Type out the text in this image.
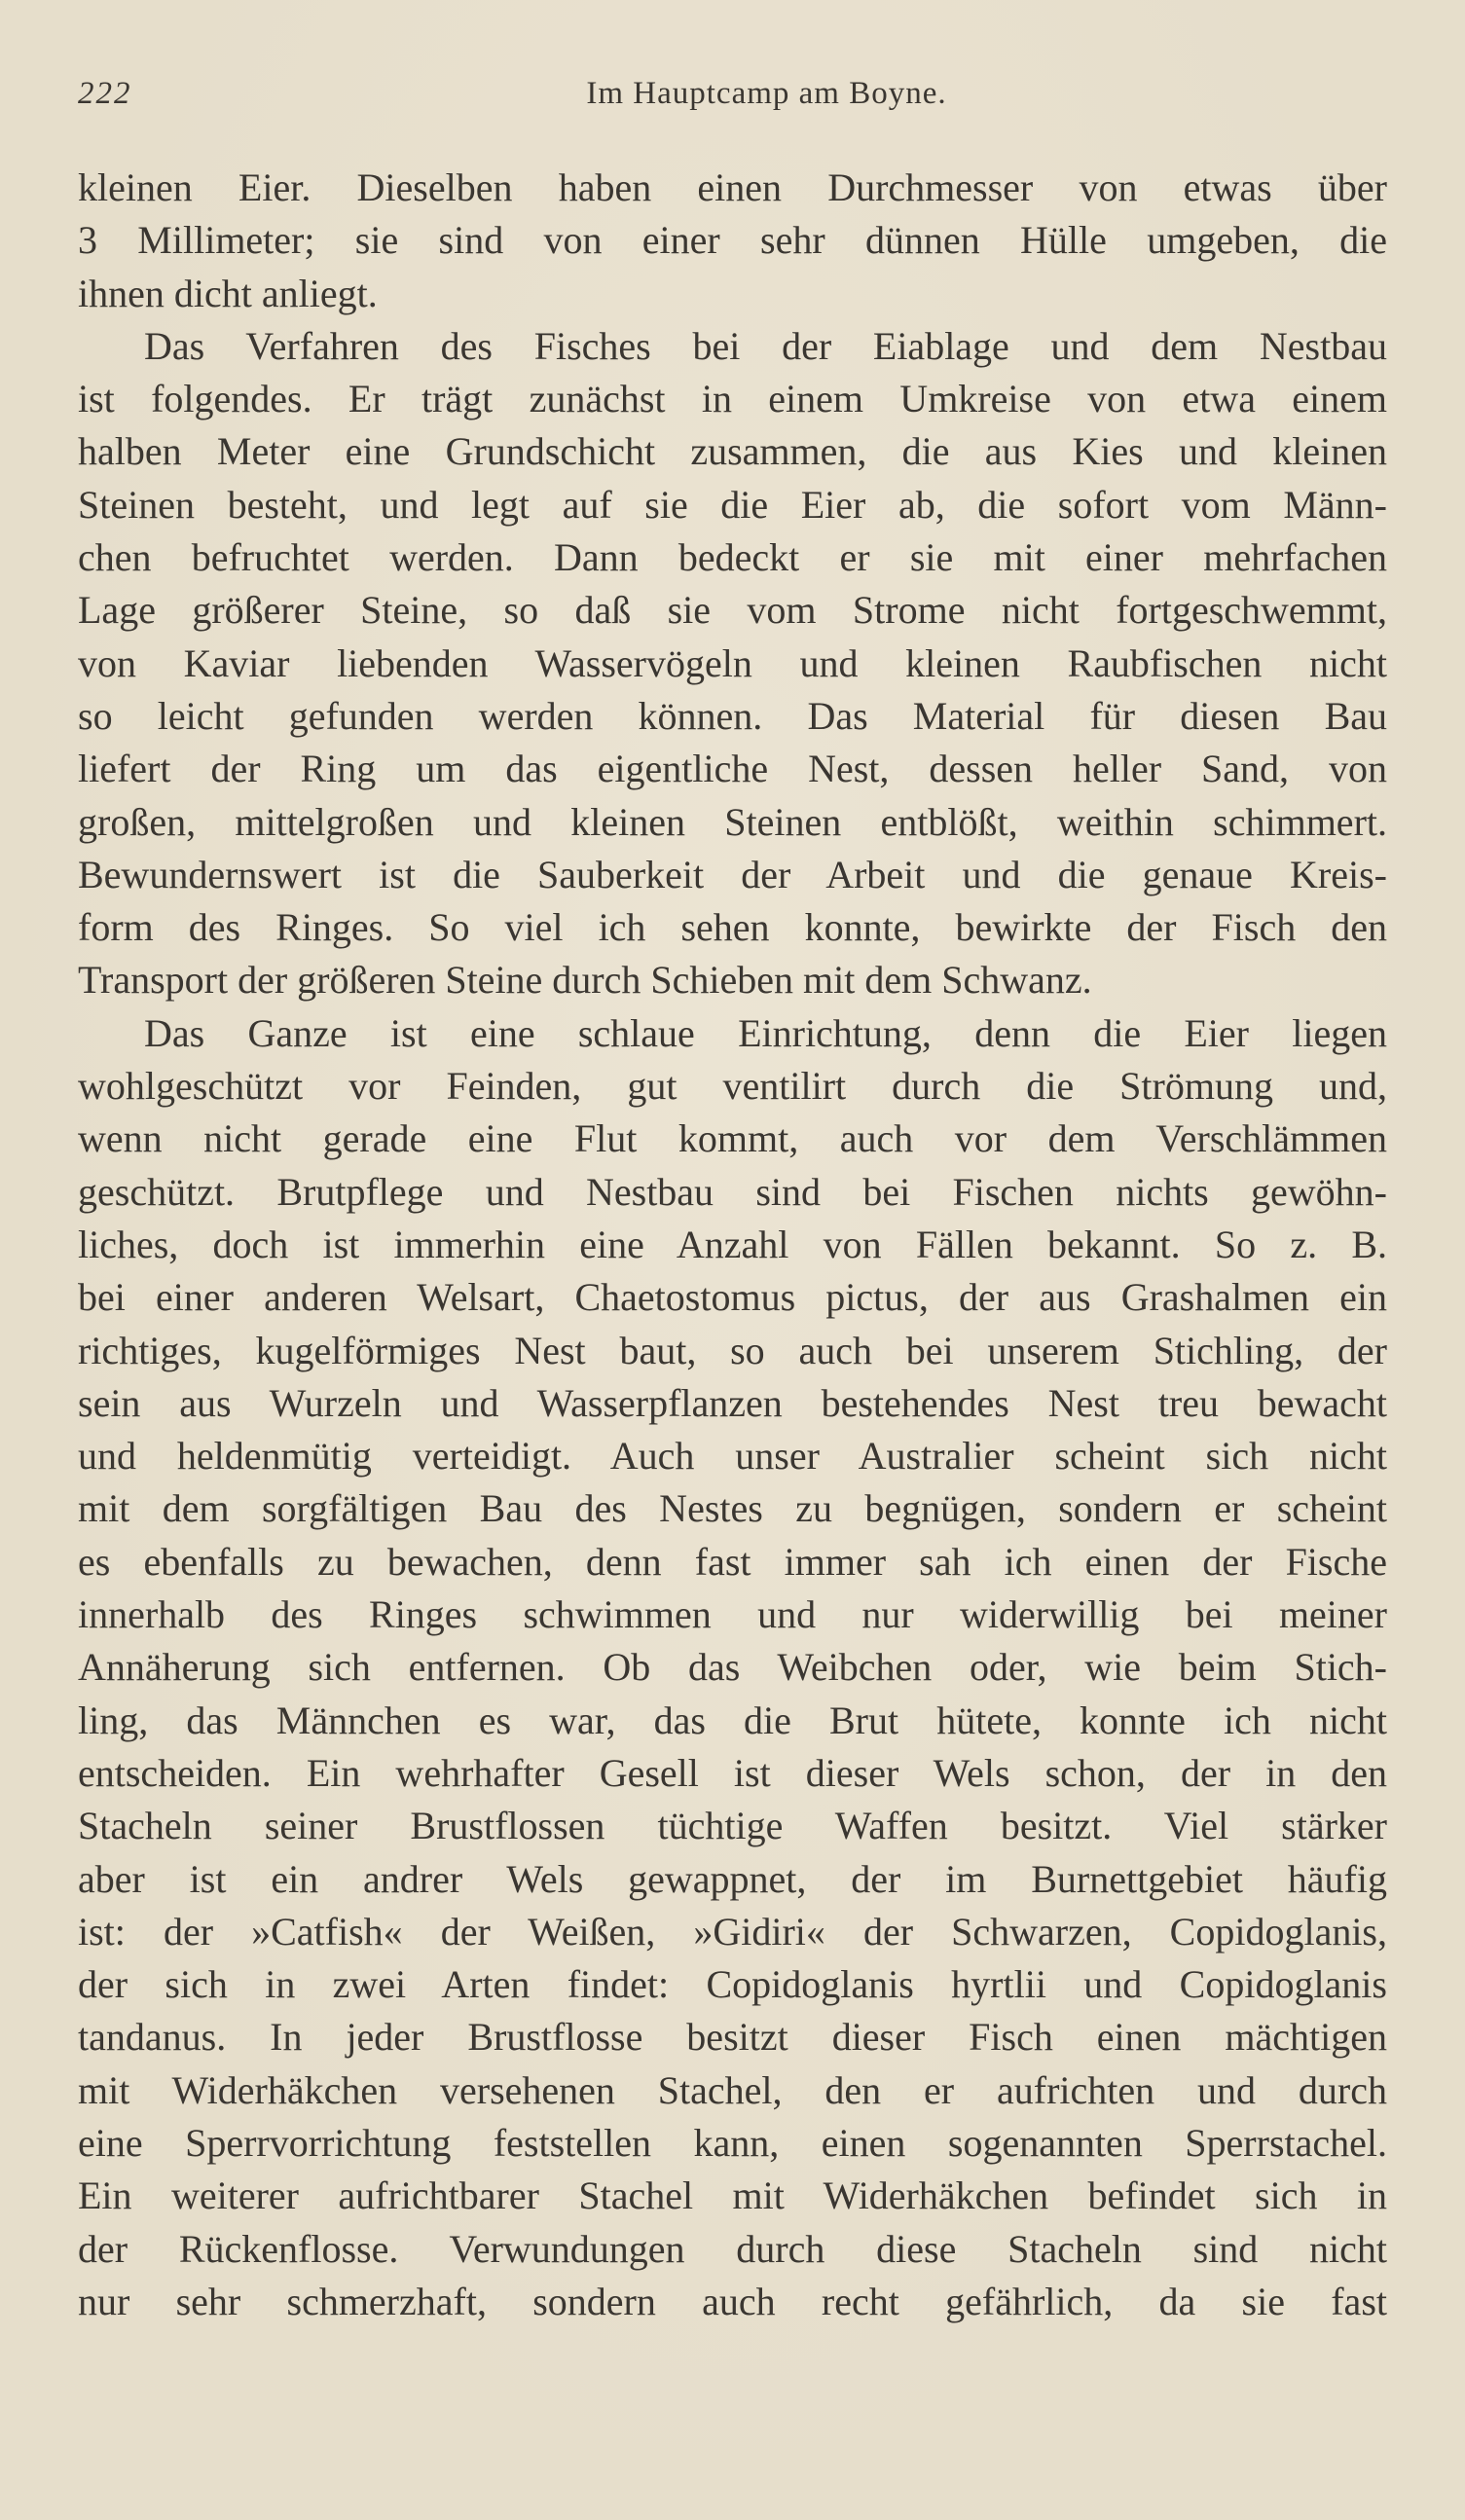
222	Im Hauptcamp am Boyne.
kleinen Eier. Dieselben haben einen Durchmesser von etwas über
3 Millimeter; sie sind von einer sehr dünnen Hülle umgeben, die
ihnen dicht anliegt.
Das Verfahren des Fisches bei der Eiablage und dem Nestbau
ist folgendes. Er trägt zunächst in einem Umkreise von etwa einem
halben Meter eine Grundschicht zusammen, die aus Kies und kleinen
Steinen besteht, und legt auf sie die Eier ab, die sofort vom Männ-
chen befruchtet werden. Dann bedeckt er sie mit einer mehrfachen
Lage größerer Steine, so daß sie vom Strome nicht fortgeschwemmt,
von Kaviar liebenden Wasservögeln und kleinen Raubfischen nicht
so leicht gefunden werden können. Das Material für diesen Bau
liefert der Ring um das eigentliche Nest, dessen heller Sand, von
großen, mittelgroßen und kleinen Steinen entblößt, weithin schimmert.
Bewundernswert ist die Sauberkeit der Arbeit und die genaue Kreis-
form des Ringes. So viel ich sehen konnte, bewirkte der Fisch den
Transport der größeren Steine durch Schieben mit dem Schwanz.
Das Ganze ist eine schlaue Einrichtung, denn die Eier liegen
wohlgeschützt vor Feinden, gut ventilirt durch die Strömung und,
wenn nicht gerade eine Flut kommt, auch vor dem Verschlämmen
geschützt. Brutpflege und Nestbau sind bei Fischen nichts gewöhn-
liches, doch ist immerhin eine Anzahl von Fällen bekannt. So z. B.
bei einer anderen Welsart, Chaetostomus pictus, der aus Grashalmen ein
richtiges, kugelförmiges Nest baut, so auch bei unserem Stichling, der
sein aus Wurzeln und Wasserpflanzen bestehendes Nest treu bewacht
und heldenmütig verteidigt. Auch unser Australier scheint sich nicht
mit dem sorgfältigen Bau des Nestes zu begnügen, sondern er scheint
es ebenfalls zu bewachen, denn fast immer sah ich einen der Fische
innerhalb des Ringes schwimmen und nur widerwillig bei meiner
Annäherung sich entfernen. Ob das Weibchen oder, wie beim Stich-
ling, das Männchen es war, das die Brut hütete, konnte ich nicht
entscheiden. Ein wehrhafter Gesell ist dieser Wels schon, der in den
Stacheln seiner Brustflossen tüchtige Waffen besitzt. Viel stärker
aber ist ein andrer Wels gewappnet, der im Burnettgebiet häufig
ist: der »Catfish« der Weißen, »Gidiri« der Schwarzen, Copidoglanis,
der sich in zwei Arten findet: Copidoglanis hyrtlii und Copidoglanis
tandanus. In jeder Brustflosse besitzt dieser Fisch einen mächtigen
mit Widerhäkchen versehenen Stachel, den er aufrichten und durch
eine Sperrvorrichtung feststellen kann, einen sogenannten Sperrstachel.
Ein weiterer aufrichtbarer Stachel mit Widerhäkchen befindet sich in
der Rückenflosse. Verwundungen durch diese Stacheln sind nicht
nur sehr schmerzhaft, sondern auch recht gefährlich, da sie fast
